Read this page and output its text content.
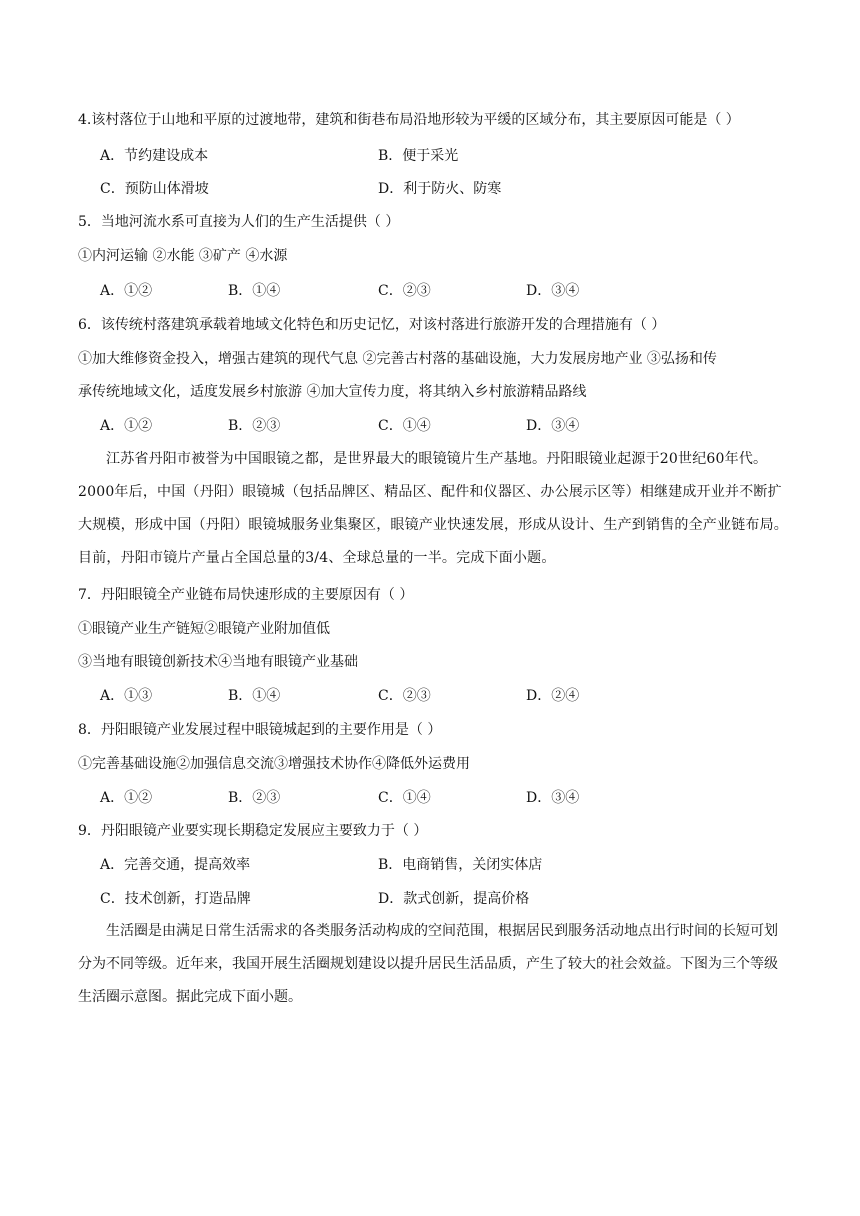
4.该村落位于山地和平原的过渡地带，建筑和街巷布局沿地形较为平缓的区域分布，其主要原因可能是（ ）
A．节约建设成本	B．便于采光
C．预防山体滑坡	D．利于防火、防寒
5．当地河流水系可直接为人们的生产生活提供（ ）
①内河运输 ②水能 ③矿产 ④水源
A．①②	B．①④	C．②③	D．③④
6．该传统村落建筑承载着地域文化特色和历史记忆，对该村落进行旅游开发的合理措施有（ ）
①加大维修资金投入，增强古建筑的现代气息 ②完善古村落的基础设施，大力发展房地产业 ③弘扬和传
承传统地域文化，适度发展乡村旅游 ④加大宣传力度，将其纳入乡村旅游精品路线
A．①②	B．②③	C．①④	D．③④

江苏省丹阳市被誉为中国眼镜之都，是世界最大的眼镜镜片生产基地。丹阳眼镜业起源于20世纪60年代。2000年后，中国（丹阳）眼镜城（包括品牌区、精品区、配件和仪器区、办公展示区等）相继建成开业并不断扩大规模，形成中国（丹阳）眼镜城服务业集聚区，眼镜产业快速发展，形成从设计、生产到销售的全产业链布局。目前，丹阳市镜片产量占全国总量的3/4、全球总量的一半。完成下面小题。

7．丹阳眼镜全产业链布局快速形成的主要原因有（ ）
①眼镜产业生产链短②眼镜产业附加值低
③当地有眼镜创新技术④当地有眼镜产业基础
A．①③	B．①④	C．②③	D．②④
8．丹阳眼镜产业发展过程中眼镜城起到的主要作用是（ ）
①完善基础设施②加强信息交流③增强技术协作④降低外运费用
A．①②	B．②③	C．①④	D．③④
9．丹阳眼镜产业要实现长期稳定发展应主要致力于（ ）
A．完善交通，提高效率	B．电商销售，关闭实体店
C．技术创新，打造品牌	D．款式创新，提高价格

生活圈是由满足日常生活需求的各类服务活动构成的空间范围，根据居民到服务活动地点出行时间的长短可划分为不同等级。近年来，我国开展生活圈规划建设以提升居民生活品质，产生了较大的社会效益。下图为三个等级生活圈示意图。据此完成下面小题。
